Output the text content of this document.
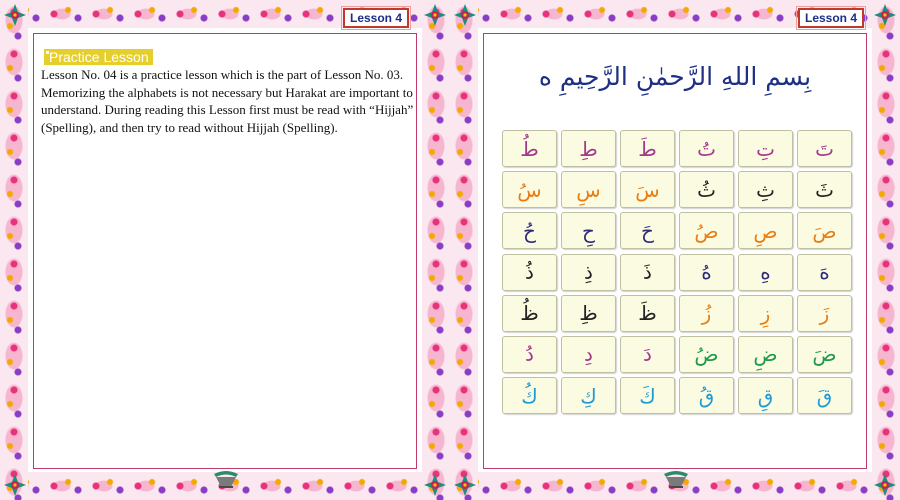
Lesson 4
Practice Lesson

Lesson No. 04 is a practice lesson which is the part of Lesson No. 03. Memorizing the alphabets is not necessary but Harakat are important to understand. During reading this Lesson first must be read with “Hijjah” (Spelling), and then try to read without Hijjah (Spelling).

Lesson 4
بِسمِ اللهِ الرَّحمٰنِ الرَّحِيمِ ه
تَ
تِ
تُ
طَ
طِ
طُ
ثَ
ثِ
ثُ
سَ
سِ
سُ
صَ
صِ
صُ
حَ
حِ
حُ
هَ
هِ
هُ
ذَ
ذِ
ذُ
زَ
زِ
زُ
ظَ
ظِ
ظُ
ضَ
ضِ
ضُ
دَ
دِ
دُ
قَ
قِ
قُ
كَ
كِ
كُ
